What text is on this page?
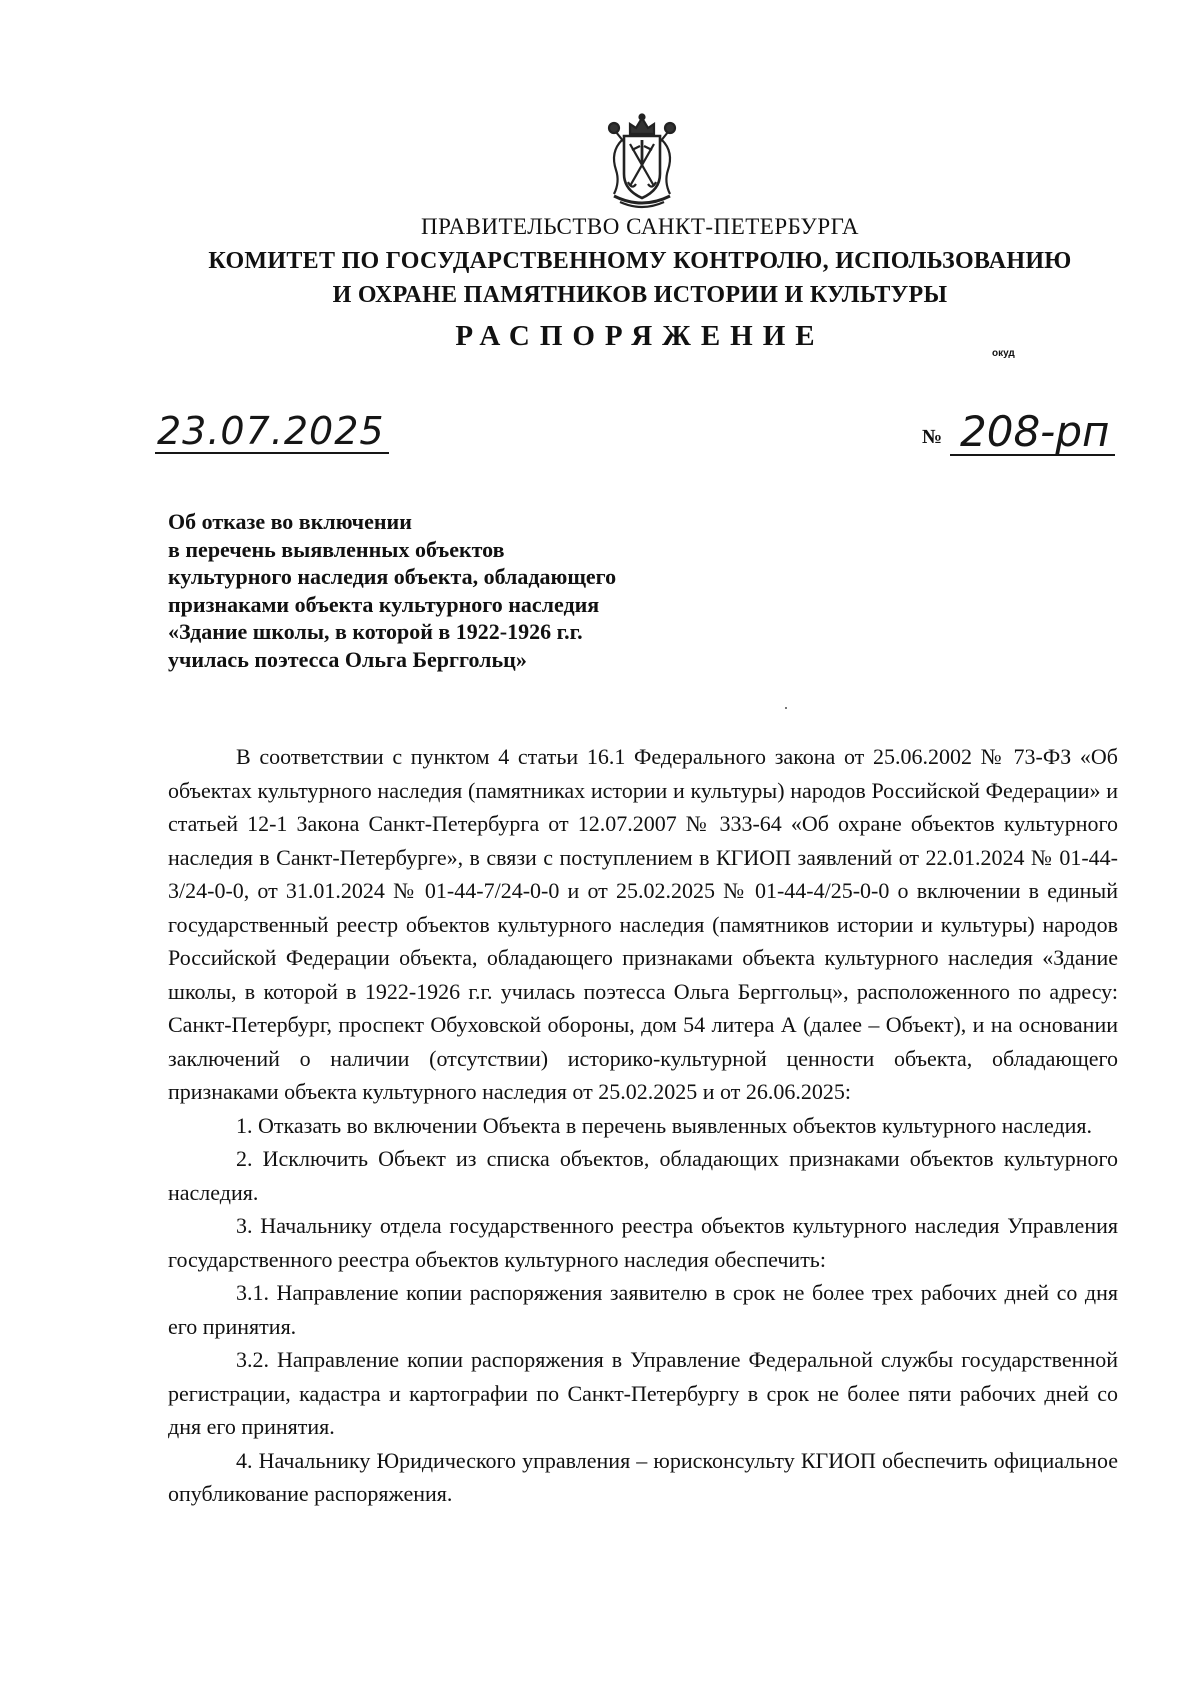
ПРАВИТЕЛЬСТВО САНКТ-ПЕТЕРБУРГА
КОМИТЕТ ПО ГОСУДАРСТВЕННОМУ КОНТРОЛЮ, ИСПОЛЬЗОВАНИЮ
И ОХРАНЕ ПАМЯТНИКОВ ИСТОРИИ И КУЛЬТУРЫ
РАСПОРЯЖЕНИЕ
окуд
23.07.2025	№ 208-рп
Об отказе во включении
в перечень выявленных объектов
культурного наследия объекта, обладающего
признаками объекта культурного наследия
«Здание школы, в которой в 1922-1926 г.г.
училась поэтесса Ольга Берггольц»

В соответствии с пунктом 4 статьи 16.1 Федерального закона от 25.06.2002 № 73-ФЗ «Об объектах культурного наследия (памятниках истории и культуры) народов Российской Федерации» и статьей 12-1 Закона Санкт-Петербурга от 12.07.2007 № 333-64 «Об охране объектов культурного наследия в Санкт-Петербурге», в связи с поступлением в КГИОП заявлений от 22.01.2024 № 01-44-3/24-0-0, от 31.01.2024 № 01-44-7/24-0-0 и от 25.02.2025 № 01-44-4/25-0-0 о включении в единый государственный реестр объектов культурного наследия (памятников истории и культуры) народов Российской Федерации объекта, обладающего признаками объекта культурного наследия «Здание школы, в которой в 1922-1926 г.г. училась поэтесса Ольга Берггольц», расположенного по адресу: Санкт-Петербург, проспект Обуховской обороны, дом 54 литера А (далее – Объект), и на основании заключений о наличии (отсутствии) историко-культурной ценности объекта, обладающего признаками объекта культурного наследия от 25.02.2025 и от 26.06.2025:

1. Отказать во включении Объекта в перечень выявленных объектов культурного наследия.

2. Исключить Объект из списка объектов, обладающих признаками объектов культурного наследия.

3. Начальнику отдела государственного реестра объектов культурного наследия Управления государственного реестра объектов культурного наследия обеспечить:

3.1. Направление копии распоряжения заявителю в срок не более трех рабочих дней со дня его принятия.

3.2. Направление копии распоряжения в Управление Федеральной службы государственной регистрации, кадастра и картографии по Санкт-Петербургу в срок не более пяти рабочих дней со дня его принятия.

4. Начальнику Юридического управления – юрисконсульту КГИОП обеспечить официальное опубликование распоряжения.
